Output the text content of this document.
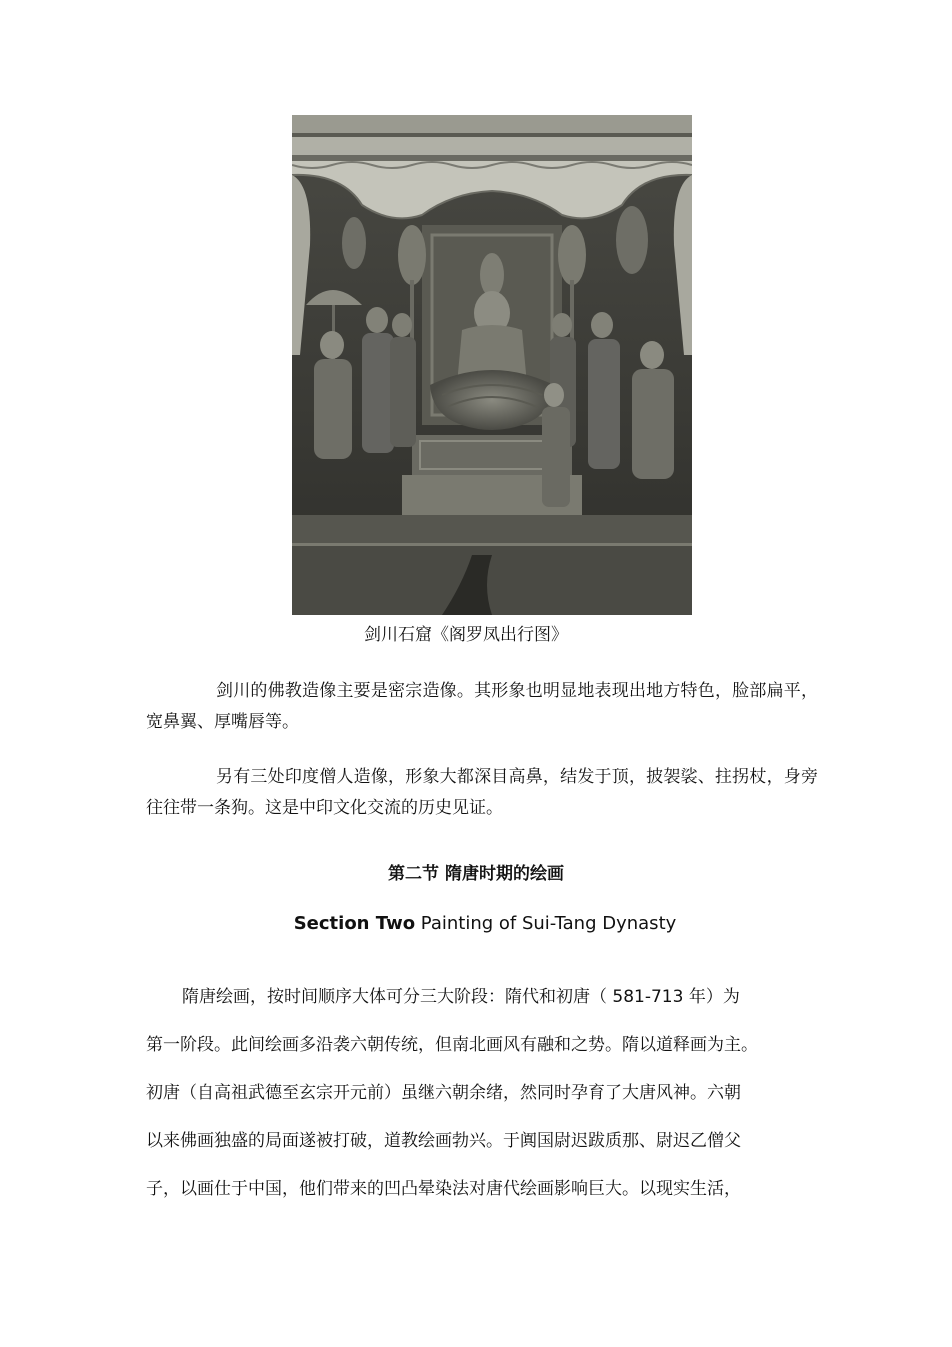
剑川石窟《阁罗凤出行图》

剑川的佛教造像主要是密宗造像。其形象也明显地表现出地方特色，脸部扁平，宽鼻翼、厚嘴唇等。

另有三处印度僧人造像，形象大都深目高鼻，结发于顶，披袈裟、拄拐杖，身旁往往带一条狗。这是中印文化交流的历史见证。

第二节 隋唐时期的绘画
Section Two Painting of Sui-Tang Dynasty
隋唐绘画，按时间顺序大体可分三大阶段：隋代和初唐（ 581-713 年）为
第一阶段。此间绘画多沿袭六朝传统，但南北画风有融和之势。隋以道释画为主。
初唐（自高祖武德至玄宗开元前）虽继六朝余绪，然同时孕育了大唐风神。六朝
以来佛画独盛的局面遂被打破，道教绘画勃兴。于阗国尉迟跋质那、尉迟乙僧父
子，以画仕于中国，他们带来的凹凸晕染法对唐代绘画影响巨大。以现实生活，
